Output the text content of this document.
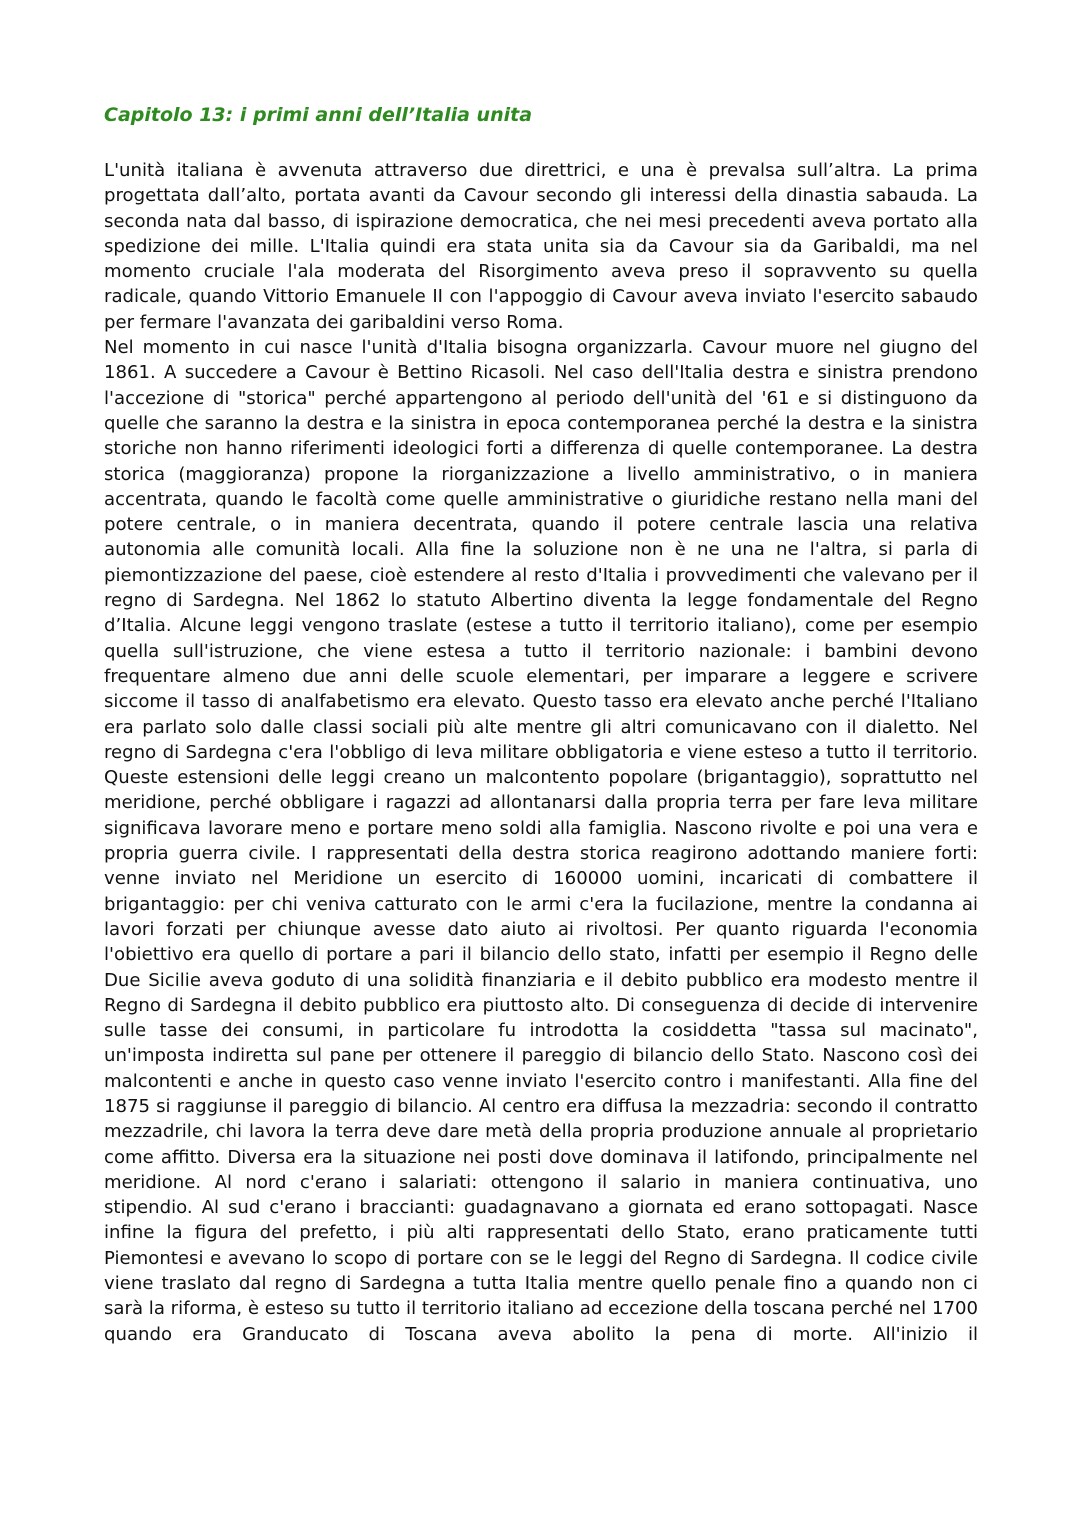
Capitolo 13: i primi anni dell’Italia unita

L'unità italiana è avvenuta attraverso due direttrici, e una è prevalsa sull’altra. La prima progettata dall’alto, portata avanti da Cavour secondo gli interessi della dinastia sabauda. La seconda nata dal basso, di ispirazione democratica, che nei mesi precedenti aveva portato alla spedizione dei mille. L'Italia quindi era stata unita sia da Cavour sia da Garibaldi, ma nel momento cruciale l'ala moderata del Risorgimento aveva preso il sopravvento su quella radicale, quando Vittorio Emanuele II con l'appoggio di Cavour aveva inviato l'esercito sabaudo per fermare l'avanzata dei garibaldini verso Roma.

Nel momento in cui nasce l'unità d'Italia bisogna organizzarla. Cavour muore nel giugno del 1861. A succedere a Cavour è Bettino Ricasoli. Nel caso dell'Italia destra e sinistra prendono l'accezione di "storica" perché appartengono al periodo dell'unità del '61 e si distinguono da quelle che saranno la destra e la sinistra in epoca contemporanea perché la destra e la sinistra storiche non hanno riferimenti ideologici forti a differenza di quelle contemporanee. La destra storica (maggioranza) propone la riorganizzazione a livello amministrativo, o in maniera accentrata, quando le facoltà come quelle amministrative o giuridiche restano nella mani del potere centrale, o in maniera decentrata, quando il potere centrale lascia una relativa autonomia alle comunità locali. Alla fine la soluzione non è ne una ne l'altra, si parla di piemontizzazione del paese, cioè estendere al resto d'Italia i provvedimenti che valevano per il regno di Sardegna. Nel 1862 lo statuto Albertino diventa la legge fondamentale del Regno d’Italia. Alcune leggi vengono traslate (estese a tutto il territorio italiano), come per esempio quella sull'istruzione, che viene estesa a tutto il territorio nazionale: i bambini devono frequentare almeno due anni delle scuole elementari, per imparare a leggere e scrivere siccome il tasso di analfabetismo era elevato. Questo tasso era elevato anche perché l'Italiano era parlato solo dalle classi sociali più alte mentre gli altri comunicavano con il dialetto. Nel regno di Sardegna c'era l'obbligo di leva militare obbligatoria e viene esteso a tutto il territorio. Queste estensioni delle leggi creano un malcontento popolare (brigantaggio), soprattutto nel meridione, perché obbligare i ragazzi ad allontanarsi dalla propria terra per fare leva militare significava lavorare meno e portare meno soldi alla famiglia. Nascono rivolte e poi una vera e propria guerra civile. I rappresentati della destra storica reagirono adottando maniere forti: venne inviato nel Meridione un esercito di 160000 uomini, incaricati di combattere il brigantaggio: per chi veniva catturato con le armi c'era la fucilazione, mentre la condanna ai lavori forzati per chiunque avesse dato aiuto ai rivoltosi. Per quanto riguarda l'economia l'obiettivo era quello di portare a pari il bilancio dello stato, infatti per esempio il Regno delle Due Sicilie aveva goduto di una solidità finanziaria e il debito pubblico era modesto mentre il Regno di Sardegna il debito pubblico era piuttosto alto. Di conseguenza di decide di intervenire sulle tasse dei consumi, in particolare fu introdotta la cosiddetta "tassa sul macinato", un'imposta indiretta sul pane per ottenere il pareggio di bilancio dello Stato. Nascono così dei malcontenti e anche in questo caso venne inviato l'esercito contro i manifestanti. Alla fine del 1875 si raggiunse il pareggio di bilancio. Al centro era diffusa la mezzadria: secondo il contratto mezzadrile, chi lavora la terra deve dare metà della propria produzione annuale al proprietario come affitto. Diversa era la situazione nei posti dove dominava il latifondo, principalmente nel meridione. Al nord c'erano i salariati: ottengono il salario in maniera continuativa, uno stipendio. Al sud c'erano i braccianti: guadagnavano a giornata ed erano sottopagati. Nasce infine la figura del prefetto, i più alti rappresentati dello Stato, erano praticamente tutti Piemontesi e avevano lo scopo di portare con se le leggi del Regno di Sardegna. Il codice civile viene traslato dal regno di Sardegna a tutta Italia mentre quello penale fino a quando non ci sarà la riforma, è esteso su tutto il territorio italiano ad eccezione della toscana perché nel 1700 quando era Granducato di Toscana aveva abolito la pena di morte. All'inizio il
